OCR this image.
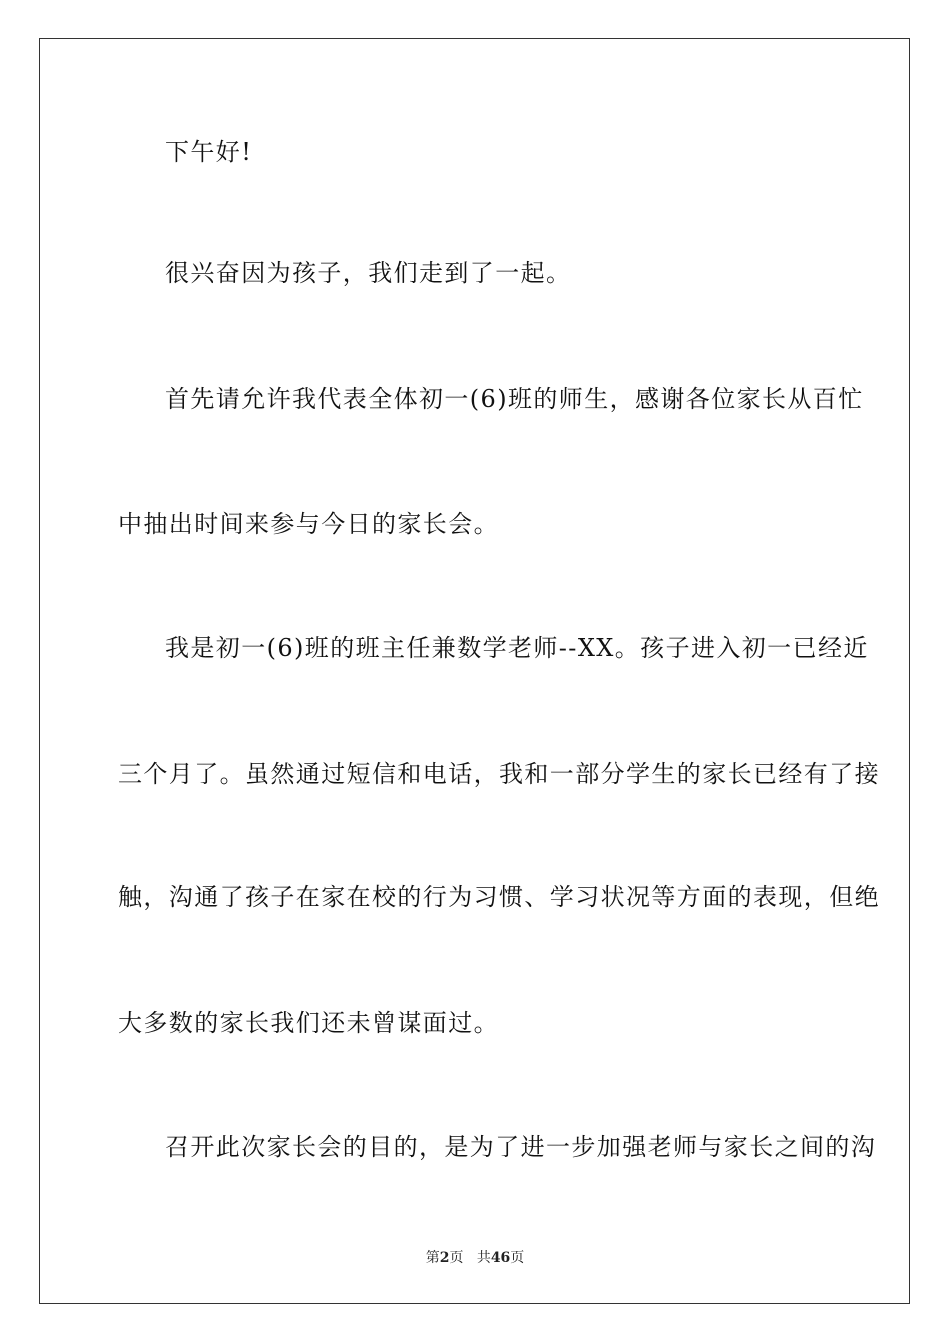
下午好!
很兴奋因为孩子，我们走到了一起。
首先请允许我代表全体初一(6)班的师生，感谢各位家长从百忙
中抽出时间来参与今日的家长会。
我是初一(6)班的班主任兼数学老师--XX。孩子进入初一已经近
三个月了。虽然通过短信和电话，我和一部分学生的家长已经有了接
触，沟通了孩子在家在校的行为习惯、学习状况等方面的表现，但绝
大多数的家长我们还未曾谋面过。
召开此次家长会的目的，是为了进一步加强老师与家长之间的沟
第2页 共46页
